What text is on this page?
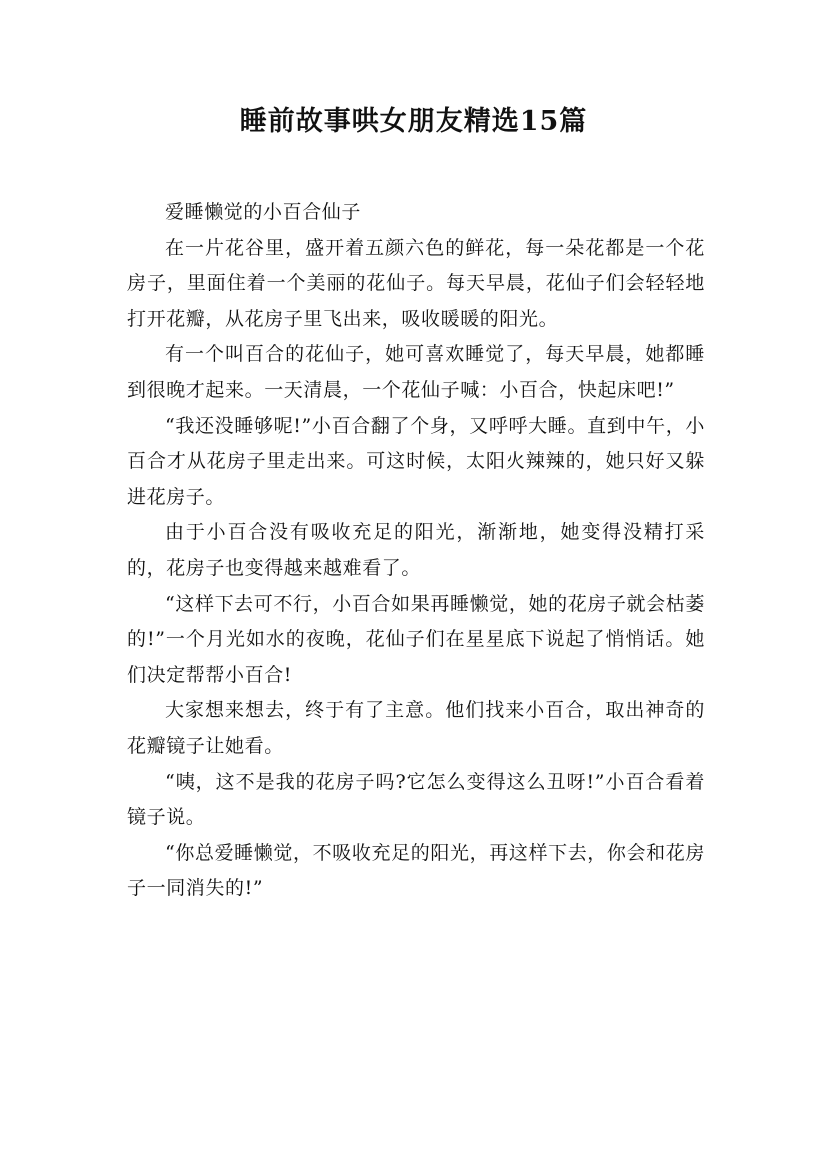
睡前故事哄女朋友精选15篇

爱睡懒觉的小百合仙子

在一片花谷里，盛开着五颜六色的鲜花，每一朵花都是一个花房子，里面住着一个美丽的花仙子。每天早晨，花仙子们会轻轻地打开花瓣，从花房子里飞出来，吸收暖暖的阳光。

有一个叫百合的花仙子，她可喜欢睡觉了，每天早晨，她都睡到很晚才起来。一天清晨，一个花仙子喊：小百合，快起床吧!”

“我还没睡够呢!”小百合翻了个身，又呼呼大睡。直到中午，小百合才从花房子里走出来。可这时候，太阳火辣辣的，她只好又躲进花房子。

由于小百合没有吸收充足的阳光，渐渐地，她变得没精打采的，花房子也变得越来越难看了。

“这样下去可不行，小百合如果再睡懒觉，她的花房子就会枯萎的!”一个月光如水的夜晚，花仙子们在星星底下说起了悄悄话。她们决定帮帮小百合!

大家想来想去，终于有了主意。他们找来小百合，取出神奇的花瓣镜子让她看。

“咦，这不是我的花房子吗?它怎么变得这么丑呀!”小百合看着镜子说。

“你总爱睡懒觉，不吸收充足的阳光，再这样下去，你会和花房子一同消失的!”
